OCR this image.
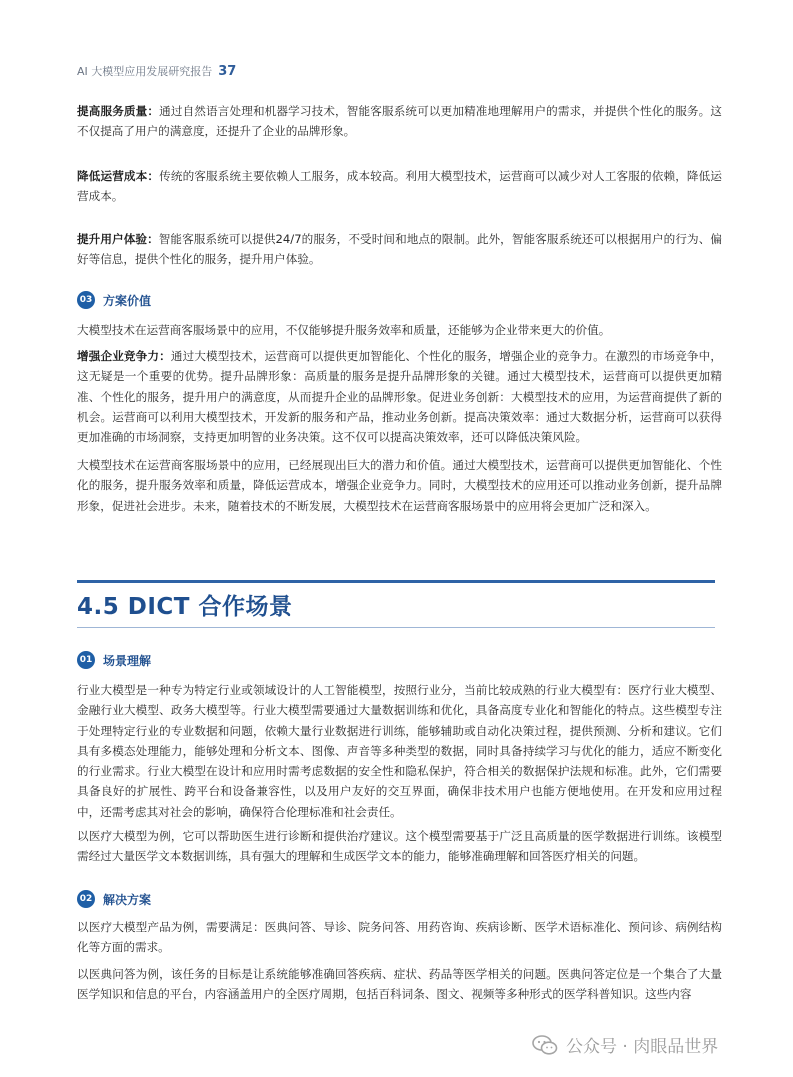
AI 大模型应用发展研究报告 37
提高服务质量：通过自然语言处理和机器学习技术，智能客服系统可以更加精准地理解用户的需求，并提供个性化的服务。这不仅提高了用户的满意度，还提升了企业的品牌形象。
降低运营成本：传统的客服系统主要依赖人工服务，成本较高。利用大模型技术，运营商可以减少对人工客服的依赖，降低运营成本。
提升用户体验：智能客服系统可以提供24/7的服务，不受时间和地点的限制。此外，智能客服系统还可以根据用户的行为、偏好等信息，提供个性化的服务，提升用户体验。
03 方案价值
大模型技术在运营商客服场景中的应用，不仅能够提升服务效率和质量，还能够为企业带来更大的价值。
增强企业竞争力：通过大模型技术，运营商可以提供更加智能化、个性化的服务，增强企业的竞争力。在激烈的市场竞争中，这无疑是一个重要的优势。提升品牌形象：高质量的服务是提升品牌形象的关键。通过大模型技术，运营商可以提供更加精准、个性化的服务，提升用户的满意度，从而提升企业的品牌形象。促进业务创新：大模型技术的应用，为运营商提供了新的机会。运营商可以利用大模型技术，开发新的服务和产品，推动业务创新。提高决策效率：通过大数据分析，运营商可以获得更加准确的市场洞察，支持更加明智的业务决策。这不仅可以提高决策效率，还可以降低决策风险。
大模型技术在运营商客服场景中的应用，已经展现出巨大的潜力和价值。通过大模型技术，运营商可以提供更加智能化、个性化的服务，提升服务效率和质量，降低运营成本，增强企业竞争力。同时，大模型技术的应用还可以推动业务创新，提升品牌形象，促进社会进步。未来，随着技术的不断发展，大模型技术在运营商客服场景中的应用将会更加广泛和深入。
4.5 DICT 合作场景
01 场景理解
行业大模型是一种专为特定行业或领域设计的人工智能模型，按照行业分，当前比较成熟的行业大模型有：医疗行业大模型、金融行业大模型、政务大模型等。行业大模型需要通过大量数据训练和优化，具备高度专业化和智能化的特点。这些模型专注于处理特定行业的专业数据和问题，依赖大量行业数据进行训练，能够辅助或自动化决策过程，提供预测、分析和建议。它们具有多模态处理能力，能够处理和分析文本、图像、声音等多种类型的数据，同时具备持续学习与优化的能力，适应不断变化的行业需求。行业大模型在设计和应用时需考虑数据的安全性和隐私保护，符合相关的数据保护法规和标准。此外，它们需要具备良好的扩展性、跨平台和设备兼容性，以及用户友好的交互界面，确保非技术用户也能方便地使用。在开发和应用过程中，还需考虑其对社会的影响，确保符合伦理标准和社会责任。
以医疗大模型为例，它可以帮助医生进行诊断和提供治疗建议。这个模型需要基于广泛且高质量的医学数据进行训练。该模型需经过大量医学文本数据训练，具有强大的理解和生成医学文本的能力，能够准确理解和回答医疗相关的问题。
02 解决方案
以医疗大模型产品为例，需要满足：医典问答、导诊、院务问答、用药咨询、疾病诊断、医学术语标准化、预问诊、病例结构化等方面的需求。
以医典问答为例，该任务的目标是让系统能够准确回答疾病、症状、药品等医学相关的问题。医典问答定位是一个集合了大量医学知识和信息的平台，内容涵盖用户的全医疗周期，包括百科词条、图文、视频等多种形式的医学科普知识。这些内容
公众号 · 肉眼品世界
